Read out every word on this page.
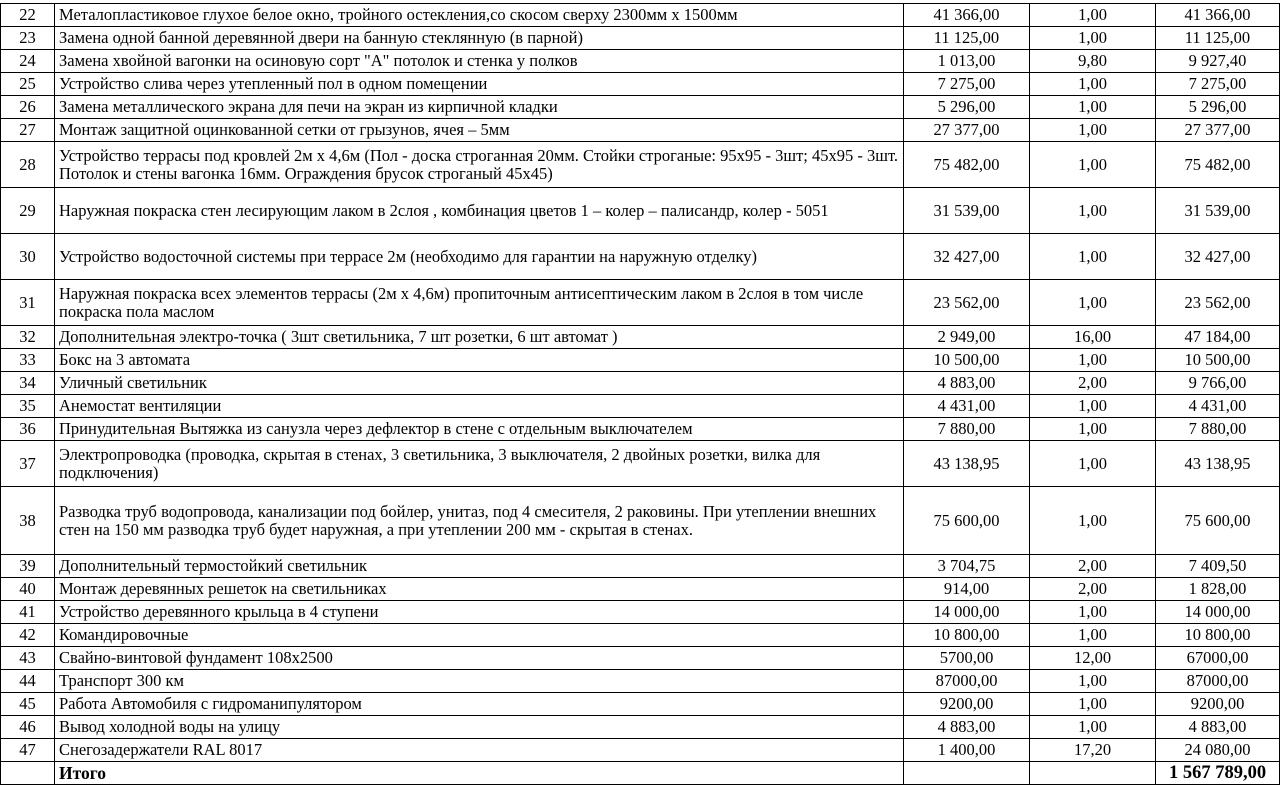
22	Металопластиковое глухое белое окно, тройного остекления,со скосом сверху 2300мм х 1500мм	41 366,00	1,00	41 366,00
23	Замена одной банной деревянной двери на банную стеклянную (в парной)	11 125,00	1,00	11 125,00
24	Замена хвойной вагонки на осиновую сорт "А" потолок и стенка у полков	1 013,00	9,80	9 927,40
25	Устройство слива через утепленный пол в одном помещении	7 275,00	1,00	7 275,00
26	Замена металлического экрана для печи на экран из кирпичной кладки	5 296,00	1,00	5 296,00
27	Монтаж защитной оцинкованной сетки от грызунов, ячея – 5мм	27 377,00	1,00	27 377,00
28	Устройство террасы под кровлей 2м х 4,6м (Пол - доска строганная 20мм. Стойки строганые: 95х95 - 3шт; 45х95 - 3шт. Потолок и стены вагонка 16мм. Ограждения брусок строганый 45х45)	75 482,00	1,00	75 482,00
29	Наружная покраска стен лесирующим лаком в 2слоя , комбинация цветов 1 – колер – палисандр, колер - 5051	31 539,00	1,00	31 539,00
30	Устройство водосточной системы при террасе 2м (необходимо для гарантии на наружную отделку)	32 427,00	1,00	32 427,00
31	Наружная покраска всех элементов террасы (2м х 4,6м) пропиточным антисептическим лаком в 2слоя в том числе покраска пола маслом	23 562,00	1,00	23 562,00
32	Дополнительная электро-точка ( 3шт светильника, 7 шт розетки, 6 шт автомат )	2 949,00	16,00	47 184,00
33	Бокс на 3 автомата	10 500,00	1,00	10 500,00
34	Уличный светильник	4 883,00	2,00	9 766,00
35	Анемостат вентиляции	4 431,00	1,00	4 431,00
36	Принудительная Вытяжка из санузла через дефлектор в стене с отдельным выключателем	7 880,00	1,00	7 880,00
37	Электропроводка (проводка, скрытая в стенах, 3 светильника, 3 выключателя, 2 двойных розетки, вилка для подключения)	43 138,95	1,00	43 138,95
38	Разводка труб водопровода, канализации под бойлер, унитаз, под 4 смесителя, 2 раковины. При утеплении внешних стен на 150 мм разводка труб будет наружная, а при утеплении 200 мм - скрытая в стенах.	75 600,00	1,00	75 600,00
39	Дополнительный термостойкий светильник	3 704,75	2,00	7 409,50
40	Монтаж деревянных решеток на светильниках	914,00	2,00	1 828,00
41	Устройство деревянного крыльца в 4 ступени	14 000,00	1,00	14 000,00
42	Командировочные	10 800,00	1,00	10 800,00
43	Свайно-винтовой фундамент 108х2500	5700,00	12,00	67000,00
44	Транспорт 300 км	87000,00	1,00	87000,00
45	Работа Автомобиля с гидроманипулятором	9200,00	1,00	9200,00
46	Вывод холодной воды на улицу	4 883,00	1,00	4 883,00
47	Снегозадержатели RAL 8017	1 400,00	17,20	24 080,00
	Итого			1 567 789,00
